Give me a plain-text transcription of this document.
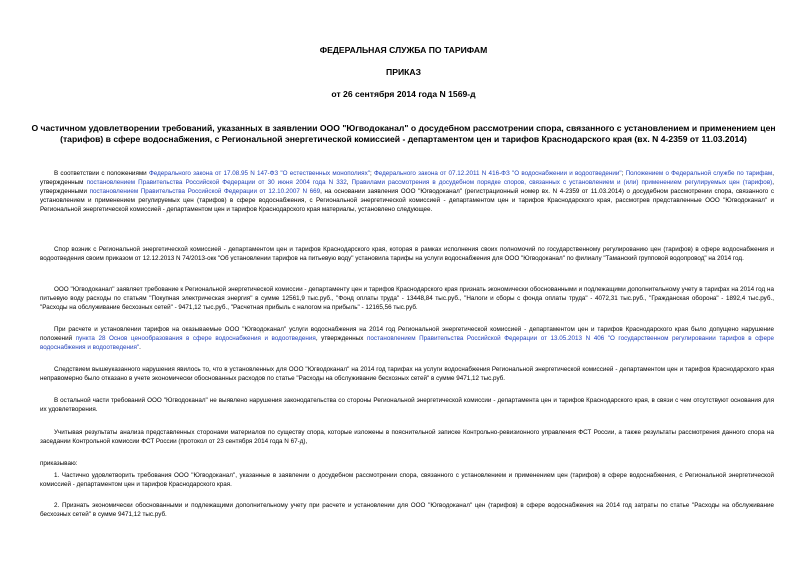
ФЕДЕРАЛЬНАЯ СЛУЖБА ПО ТАРИФАМ
ПРИКАЗ
от 26 сентября 2014 года N 1569-д
О частичном удовлетворении требований, указанных в заявлении ООО "Югводоканал" о досудебном рассмотрении спора, связанного с установлением и применением цен (тарифов) в сфере водоснабжения, с Региональной энергетической комиссией - департаментом цен и тарифов Краснодарского края (вх. N 4-2359 от 11.03.2014)
В соответствии с положениями Федерального закона от 17.08.95 N 147-ФЗ "О естественных монополиях"; Федерального закона от 07.12.2011 N 416-ФЗ "О водоснабжении и водоотведении"; Положением о Федеральной службе по тарифам, утвержденным постановлением Правительства Российской Федерации от 30 июня 2004 года N 332, Правилами рассмотрения в досудебном порядке споров, связанных с установлением и (или) применением регулируемых цен (тарифов), утвержденными постановлением Правительства Российской Федерации от 12.10.2007 N 669, на основании заявления ООО "Югводоканал" (регистрационный номер вх. N 4-2359 от 11.03.2014) о досудебном рассмотрении спора, связанного с установлением и применением регулируемых цен (тарифов) в сфере водоснабжения, с Региональной энергетической комиссией - департаментом цен и тарифов Краснодарского края, рассмотрев представленные ООО "Югводоканал" и Региональной энергетической комиссией - департаментом цен и тарифов Краснодарского края материалы, установлено следующее.
Спор возник с Региональной энергетической комиссией - департаментом цен и тарифов Краснодарского края, которая в рамках исполнения своих полномочий по государственному регулированию цен (тарифов) в сфере водоснабжения и водоотведения своим приказом от 12.12.2013 N 74/2013-окк "Об установлении тарифов на питьевую воду" установила тарифы на услуги водоснабжения для ООО "Югводоканал" по филиалу "Таманский групповой водопровод" на 2014 год.
ООО "Югводоканал" заявляет требование к Региональной энергетической комиссии - департаменту цен и тарифов Краснодарского края признать экономически обоснованными и подлежащими дополнительному учету в тарифах на 2014 год на питьевую воду расходы по статьям "Покупная электрическая энергия" в сумме 12561,9 тыс.руб., "Фонд оплаты труда" - 13448,84 тыс.руб., "Налоги и сборы с фонда оплаты труда" - 4072,31 тыс.руб., "Гражданская оборона" - 1892,4 тыс.руб., "Расходы на обслуживание бесхозных сетей" - 9471,12 тыс.руб., "Расчетная прибыль с налогом на прибыль" - 12165,56 тыс.руб.
При расчете и установлении тарифов на оказываемые ООО "Югводоканал" услуги водоснабжения на 2014 год Региональной энергетической комиссией - департаментом цен и тарифов Краснодарского края было допущено нарушение положений пункта 28 Основ ценообразования в сфере водоснабжения и водоотведения, утвержденных постановлением Правительства Российской Федерации от 13.05.2013 N 406 "О государственном регулировании тарифов в сфере водоснабжения и водоотведения".
Следствием вышеуказанного нарушения явилось то, что в установленных для ООО "Югводоканал" на 2014 год тарифах на услуги водоснабжения Региональной энергетической комиссией - департаментом цен и тарифов Краснодарского края неправомерно было отказано в учете экономически обоснованных расходов по статье "Расходы на обслуживание бесхозных сетей" в сумме 9471,12 тыс.руб.
В остальной части требований ООО "Югводоканал" не выявлено нарушения законодательства со стороны Региональной энергетической комиссии - департамента цен и тарифов Краснодарского края, в связи с чем отсутствуют основания для их удовлетворения.
Учитывая результаты анализа представленных сторонами материалов по существу спора, которые изложены в пояснительной записке Контрольно-ревизионного управления ФСТ России, а также результаты рассмотрения данного спора на заседании Контрольной комиссии ФСТ России (протокол от 23 сентября 2014 года N 67-д),
приказываю:
1. Частично удовлетворить требования ООО "Югводоканал", указанные в заявлении о досудебном рассмотрении спора, связанного с установлением и применением цен (тарифов) в сфере водоснабжения, с Региональной энергетической комиссией - департаментом цен и тарифов Краснодарского края.
2. Признать экономически обоснованными и подлежащими дополнительному учету при расчете и установлении для ООО "Югводоканал" цен (тарифов) в сфере водоснабжения на 2014 год затраты по статье "Расходы на обслуживание бесхозных сетей" в сумме 9471,12 тыс.руб.
